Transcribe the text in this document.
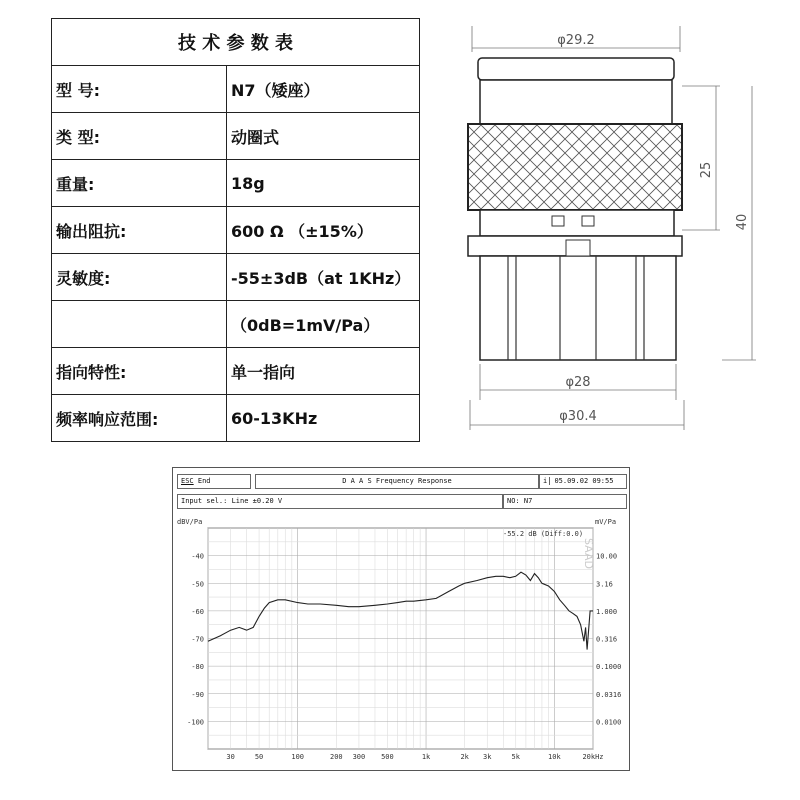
技 术 参 数 表	
型 号:	N7（矮座）
类 型:	动圈式
重量:	18g
输出阻抗:	600 Ω （±15%）
灵敏度:	-55±3dB（at 1KHz）
	（0dB=1mV/Pa）
指向特性:	单一指向
频率响应范围:	60-13KHz
φ29.2
25
40
φ28
φ30.4
ESC End	D A A S Frequency Response	i 05.09.02 09:55
Input sel.: Line ±0.20 V	NO: N7
-40
-50
-60
-70
-80
-90
-100
10.00
3.16
1.000
0.316
0.1000
0.0316
0.0100
30	50	100	200 300 500	1k	2k 3k	5k	10k	20kHz
dBV/Pa	mV/Pa
-55.2 dB (Diff:0.0)
SAAD
